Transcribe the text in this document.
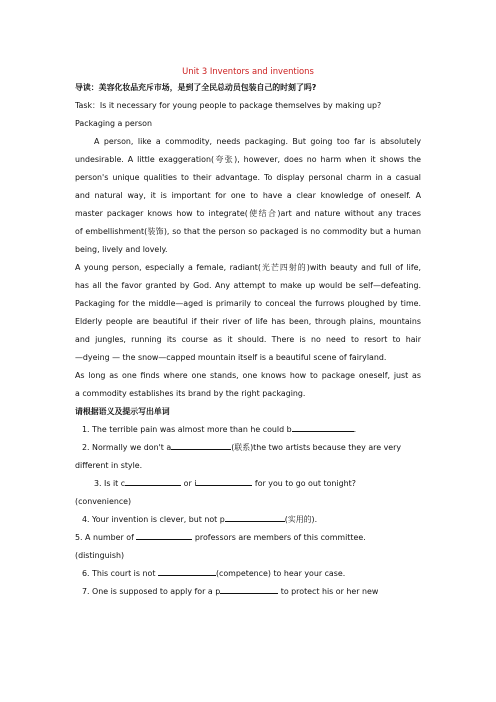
Unit 3 Inventors and inventions
导读：美容化妆品充斥市场，是到了全民总动员包装自己的时刻了吗?
Task：Is it necessary for young people to package themselves by making up?
Packaging a person
A person, like a commodity, needs packaging. But going too far is absolutely
undesirable. A little exaggeration(夸张), however, does no harm when it shows the
person's unique qualities to their advantage. To display personal charm in a casual
and natural way, it is important for one to have a clear knowledge of oneself. A
master packager knows how to integrate(使结合)art and nature without any traces
of embellishment(装饰), so that the person so packaged is no commodity but a human
being, lively and lovely.
A young person, especially a female, radiant(光芒四射的)with beauty and full of life,
has all the favor granted by God. Any attempt to make up would be self—defeating.
Packaging for the middle—aged is primarily to conceal the furrows ploughed by time.
Elderly people are beautiful if their river of life has been, through plains, mountains
and jungles, running its course as it should. There is no need to resort to hair
—dyeing — the snow—capped mountain itself is a beautiful scene of fairyland.
As long as one finds where one stands, one knows how to package oneself, just as
a commodity establishes its brand by the right packaging.
请根据语义及提示写出单词
1. The terrible pain was almost more than he could b	.
2. Normally we don't a	(联系)the two artists because they are very
different in style.
3. Is it c	or i	for you to go out tonight?
(convenience)
4. Your invention is clever, but not p	(实用的).
5. A number of	professors are members of this committee.
(distinguish)
6. This court is not	(competence) to hear your case.
7. One is supposed to apply for a p	to protect his or her new
